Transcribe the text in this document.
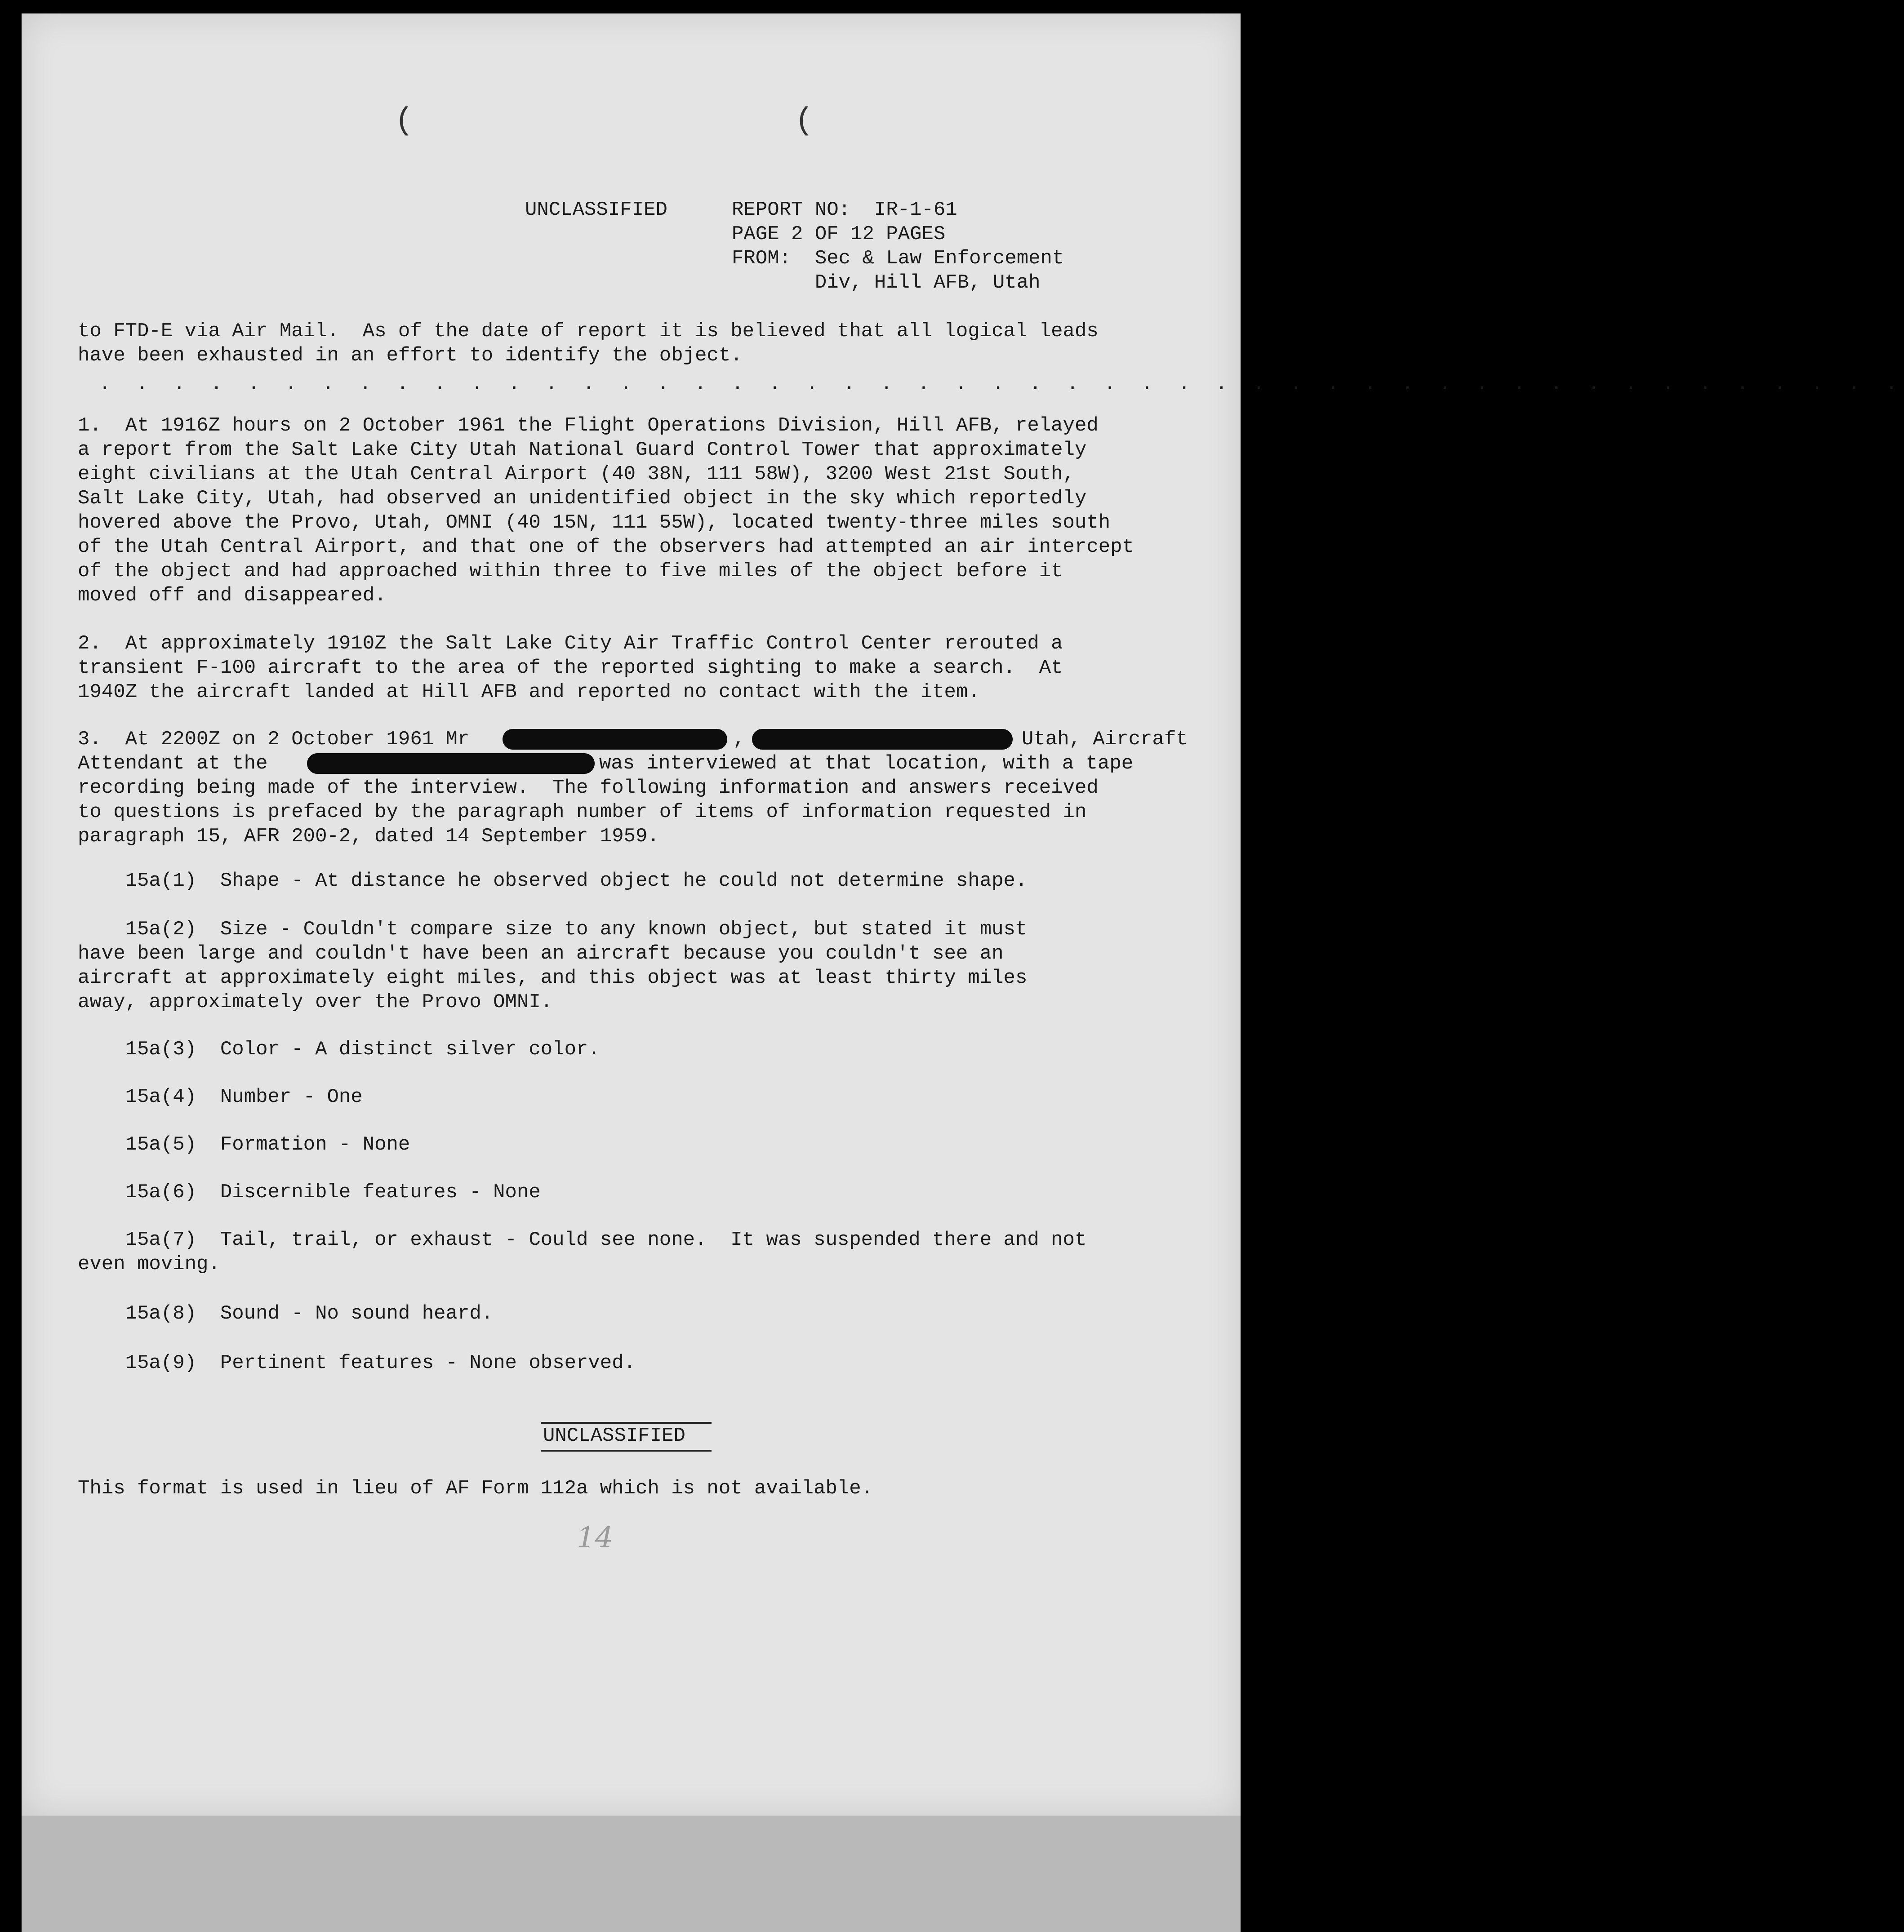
(	(
UNCLASSIFIED	REPORT NO:  IR-1-61
PAGE 2 OF 12 PAGES
FROM:  Sec & Law Enforcement
Div, Hill AFB, Utah
to FTD-E via Air Mail.  As of the date of report it is believed that all logical leads
have been exhausted in an effort to identify the object.
1.  At 1916Z hours on 2 October 1961 the Flight Operations Division, Hill AFB, relayed
a report from the Salt Lake City Utah National Guard Control Tower that approximately
eight civilians at the Utah Central Airport (40 38N, 111 58W), 3200 West 21st South,
Salt Lake City, Utah, had observed an unidentified object in the sky which reportedly
hovered above the Provo, Utah, OMNI (40 15N, 111 55W), located twenty-three miles south
of the Utah Central Airport, and that one of the observers had attempted an air intercept
of the object and had approached within three to five miles of the object before it
moved off and disappeared.
2.  At approximately 1910Z the Salt Lake City Air Traffic Control Center rerouted a
transient F-100 aircraft to the area of the reported sighting to make a search.  At
1940Z the aircraft landed at Hill AFB and reported no contact with the item.
3.  At 2200Z on 2 October 1961 Mr	,	Utah, Aircraft
Attendant at the	was interviewed at that location, with a tape
recording being made of the interview.  The following information and answers received
to questions is prefaced by the paragraph number of items of information requested in
paragraph 15, AFR 200-2, dated 14 September 1959.
15a(1)  Shape - At distance he observed object he could not determine shape.
15a(2)  Size - Couldn't compare size to any known object, but stated it must
have been large and couldn't have been an aircraft because you couldn't see an
aircraft at approximately eight miles, and this object was at least thirty miles
away, approximately over the Provo OMNI.
15a(3)  Color - A distinct silver color.
15a(4)  Number - One
15a(5)  Formation - None
15a(6)  Discernible features - None
15a(7)  Tail, trail, or exhaust - Could see none.  It was suspended there and not
even moving.
15a(8)  Sound - No sound heard.
15a(9)  Pertinent features - None observed.
This format is used in lieu of AF Form 112a which is not available.
. . . . . . . . . . . . . . . . . . . . . . . . . . . . . . . . . . . . . . . . . . . . . . . . .
UNCLASSIFIED
14
